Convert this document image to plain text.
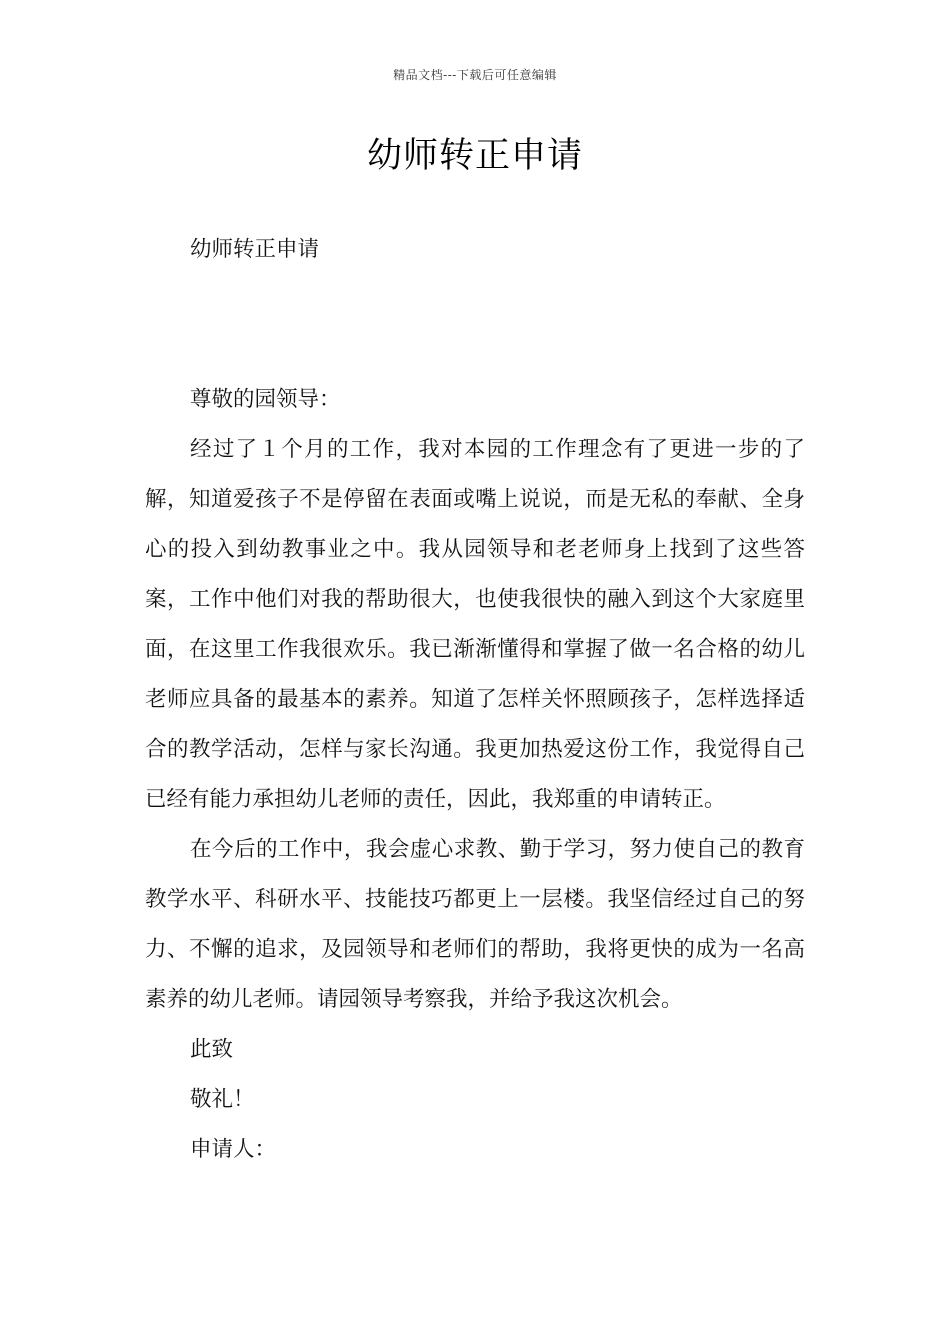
精品文档---下载后可任意编辑
幼师转正申请

幼师转正申请

尊敬的园领导：

经过了１个月的工作，我对本园的工作理念有了更进一步的了解，知道爱孩子不是停留在表面或嘴上说说，而是无私的奉献、全身心的投入到幼教事业之中。我从园领导和老老师身上找到了这些答案，工作中他们对我的帮助很大，也使我很快的融入到这个大家庭里面，在这里工作我很欢乐。我已渐渐懂得和掌握了做一名合格的幼儿老师应具备的最基本的素养。知道了怎样关怀照顾孩子，怎样选择适合的教学活动，怎样与家长沟通。我更加热爱这份工作，我觉得自己已经有能力承担幼儿老师的责任，因此，我郑重的申请转正。

在今后的工作中，我会虚心求教、勤于学习，努力使自己的教育教学水平、科研水平、技能技巧都更上一层楼。我坚信经过自己的努力、不懈的追求，及园领导和老师们的帮助，我将更快的成为一名高素养的幼儿老师。请园领导考察我，并给予我这次机会。

此致

敬礼！

申请人：
